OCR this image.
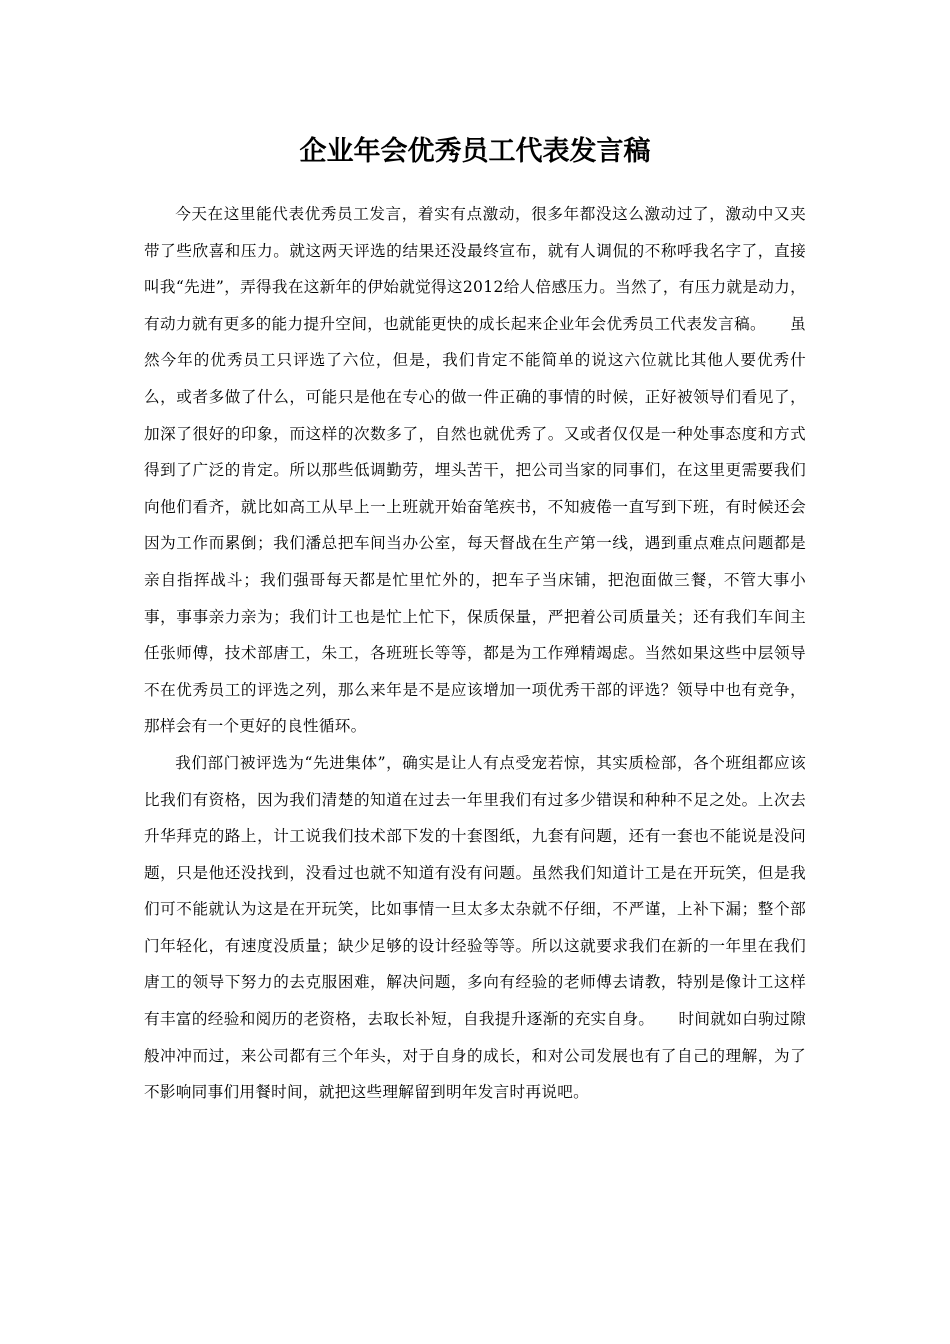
企业年会优秀员工代表发言稿

今天在这里能代表优秀员工发言，着实有点激动，很多年都没这么激动过了，激动中又夹带了些欣喜和压力。就这两天评选的结果还没最终宣布，就有人调侃的不称呼我名字了，直接叫我“先进”，弄得我在这新年的伊始就觉得这2012给人倍感压力。当然了，有压力就是动力，有动力就有更多的能力提升空间，也就能更快的成长起来企业年会优秀员工代表发言稿。　　虽然今年的优秀员工只评选了六位，但是，我们肯定不能简单的说这六位就比其他人要优秀什么，或者多做了什么，可能只是他在专心的做一件正确的事情的时候，正好被领导们看见了，加深了很好的印象，而这样的次数多了，自然也就优秀了。又或者仅仅是一种处事态度和方式得到了广泛的肯定。所以那些低调勤劳，埋头苦干，把公司当家的同事们，在这里更需要我们向他们看齐，就比如高工从早上一上班就开始奋笔疾书，不知疲倦一直写到下班，有时候还会因为工作而累倒；我们潘总把车间当办公室，每天督战在生产第一线，遇到重点难点问题都是亲自指挥战斗；我们强哥每天都是忙里忙外的，把车子当床铺，把泡面做三餐，不管大事小事，事事亲力亲为；我们计工也是忙上忙下，保质保量，严把着公司质量关；还有我们车间主任张师傅，技术部唐工，朱工，各班班长等等，都是为工作殚精竭虑。当然如果这些中层领导不在优秀员工的评选之列，那么来年是不是应该增加一项优秀干部的评选？领导中也有竞争，那样会有一个更好的良性循环。

我们部门被评选为“先进集体”，确实是让人有点受宠若惊，其实质检部，各个班组都应该比我们有资格，因为我们清楚的知道在过去一年里我们有过多少错误和种种不足之处。上次去升华拜克的路上，计工说我们技术部下发的十套图纸，九套有问题，还有一套也不能说是没问题，只是他还没找到，没看过也就不知道有没有问题。虽然我们知道计工是在开玩笑，但是我们可不能就认为这是在开玩笑，比如事情一旦太多太杂就不仔细，不严谨，上补下漏；整个部门年轻化，有速度没质量；缺少足够的设计经验等等。所以这就要求我们在新的一年里在我们唐工的领导下努力的去克服困难，解决问题，多向有经验的老师傅去请教，特别是像计工这样有丰富的经验和阅历的老资格，去取长补短，自我提升逐渐的充实自身。　　时间就如白驹过隙般冲冲而过，来公司都有三个年头，对于自身的成长，和对公司发展也有了自己的理解，为了不影响同事们用餐时间，就把这些理解留到明年发言时再说吧。
